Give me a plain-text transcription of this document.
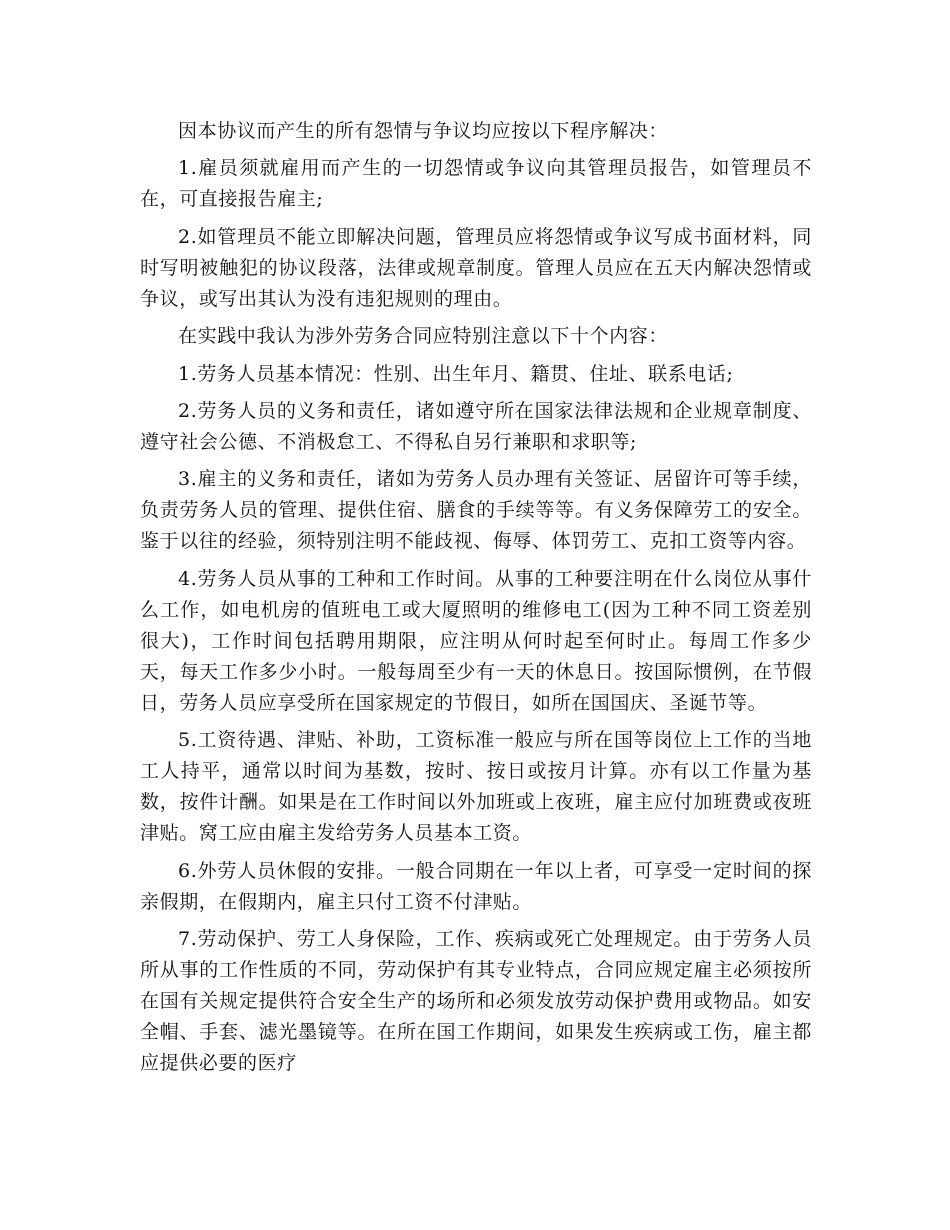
因本协议而产生的所有怨情与争议均应按以下程序解决：

1.雇员须就雇用而产生的一切怨情或争议向其管理员报告，如管理员不在，可直接报告雇主;

2.如管理员不能立即解决问题，管理员应将怨情或争议写成书面材料，同时写明被触犯的协议段落，法律或规章制度。管理人员应在五天内解决怨情或争议，或写出其认为没有违犯规则的理由。

在实践中我认为涉外劳务合同应特别注意以下十个内容：

1.劳务人员基本情况：性别、出生年月、籍贯、住址、联系电话;

2.劳务人员的义务和责任，诸如遵守所在国家法律法规和企业规章制度、遵守社会公德、不消极怠工、不得私自另行兼职和求职等;

3.雇主的义务和责任，诸如为劳务人员办理有关签证、居留许可等手续，负责劳务人员的管理、提供住宿、膳食的手续等等。有义务保障劳工的安全。鉴于以往的经验，须特别注明不能歧视、侮辱、体罚劳工、克扣工资等内容。

4.劳务人员从事的工种和工作时间。从事的工种要注明在什么岗位从事什么工作，如电机房的值班电工或大厦照明的维修电工(因为工种不同工资差别很大)，工作时间包括聘用期限，应注明从何时起至何时止。每周工作多少天，每天工作多少小时。一般每周至少有一天的休息日。按国际惯例，在节假日，劳务人员应享受所在国家规定的节假日，如所在国国庆、圣诞节等。

5.工资待遇、津贴、补助，工资标准一般应与所在国等岗位上工作的当地工人持平，通常以时间为基数，按时、按日或按月计算。亦有以工作量为基数，按件计酬。如果是在工作时间以外加班或上夜班，雇主应付加班费或夜班津贴。窝工应由雇主发给劳务人员基本工资。

6.外劳人员休假的安排。一般合同期在一年以上者，可享受一定时间的探亲假期，在假期内，雇主只付工资不付津贴。

7.劳动保护、劳工人身保险，工作、疾病或死亡处理规定。由于劳务人员所从事的工作性质的不同，劳动保护有其专业特点，合同应规定雇主必须按所在国有关规定提供符合安全生产的场所和必须发放劳动保护费用或物品。如安全帽、手套、滤光墨镜等。在所在国工作期间，如果发生疾病或工伤，雇主都应提供必要的医疗
